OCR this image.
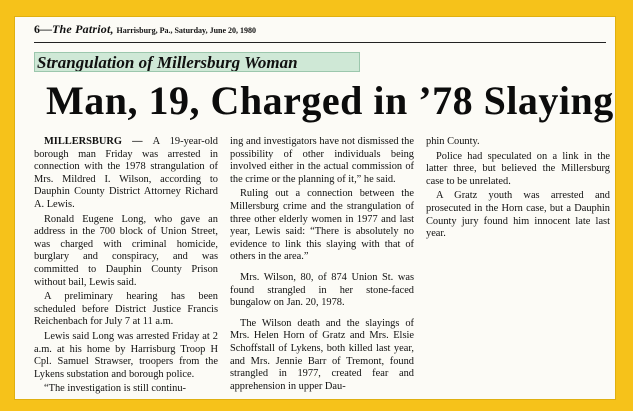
6—The Patriot, Harrisburg, Pa., Saturday, June 20, 1980
Strangulation of Millersburg Woman
Man, 19, Charged in ’78 Slaying

MILLERSBURG — A 19-year-old borough man Friday was arrested in connection with the 1978 strangulation of Mrs. Mildred I. Wilson, according to Dauphin County District Attorney Richard A. Lewis.

Ronald Eugene Long, who gave an address in the 700 block of Union Street, was charged with criminal homicide, burglary and conspiracy, and was committed to Dauphin County Prison without bail, Lewis said.

A preliminary hearing has been scheduled before District Justice Francis Reichenbach for July 7 at 11 a.m.

Lewis said Long was arrested Friday at 2 a.m. at his home by Harrisburg Troop H Cpl. Samuel Strawser, troopers from the Lykens substation and borough police.

“The investigation is still continu-

ing and investigators have not dismissed the possibility of other individuals being involved either in the actual commission of the crime or the planning of it,” he said.

Ruling out a connection between the Millersburg crime and the strangulation of three other elderly women in 1977 and last year, Lewis said: “There is absolutely no evidence to link this slaying with that of others in the area.”

Mrs. Wilson, 80, of 874 Union St. was found strangled in her stone-faced bungalow on Jan. 20, 1978.

The Wilson death and the slayings of Mrs. Helen Horn of Gratz and Mrs. Elsie Schoffstall of Lykens, both killed last year, and Mrs. Jennie Barr of Tremont, found strangled in 1977, created fear and apprehension in upper Dau-

phin County.

Police had speculated on a link in the latter three, but believed the Millersburg case to be unrelated.

A Gratz youth was arrested and prosecuted in the Horn case, but a Dauphin County jury found him innocent late last year.
